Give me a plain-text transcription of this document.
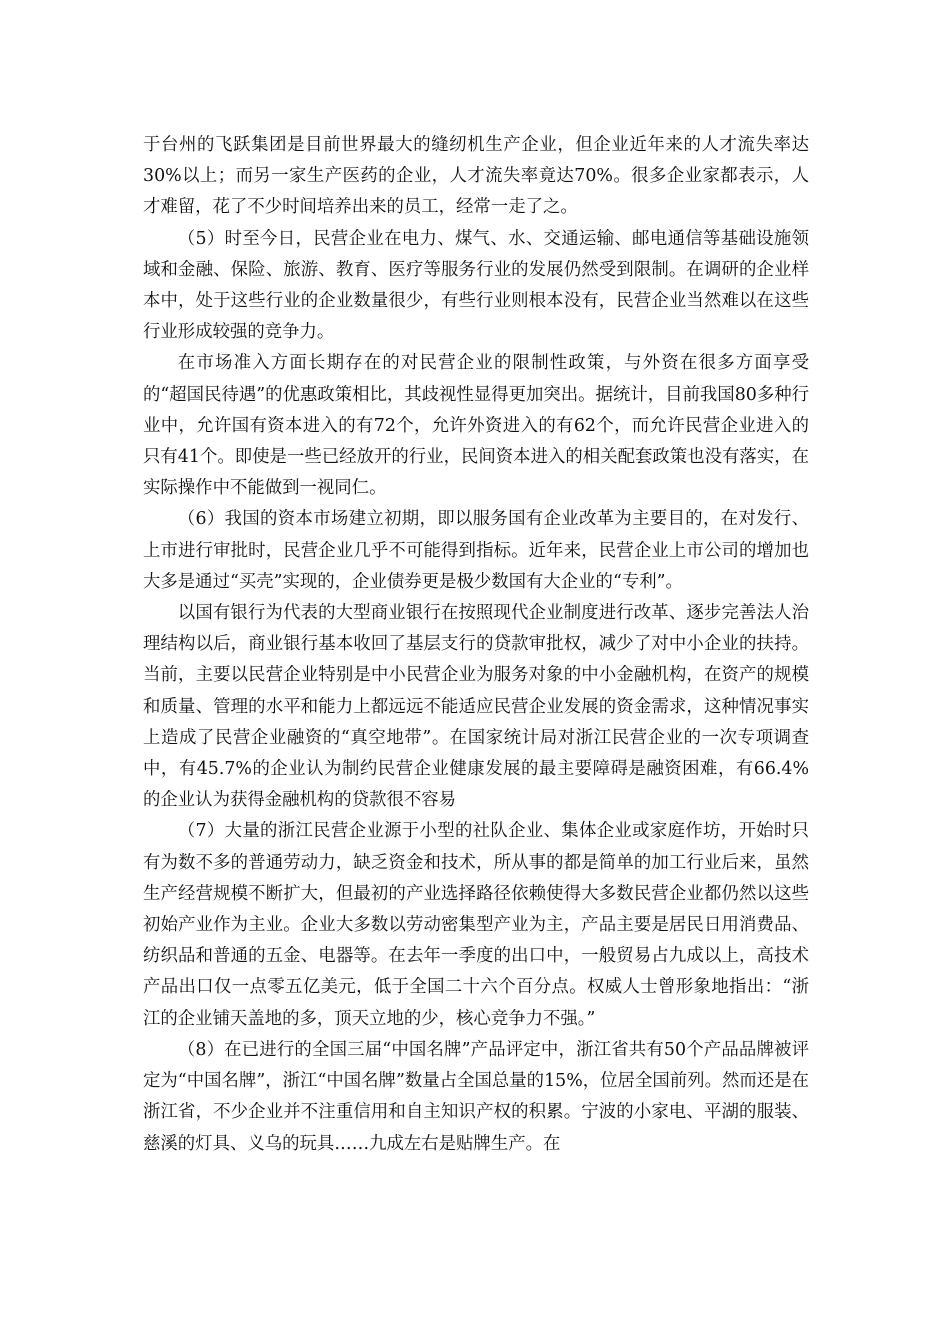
于台州的飞跃集团是目前世界最大的缝纫机生产企业，但企业近年来的人才流失率达30%以上；而另一家生产医药的企业，人才流失率竟达70%。很多企业家都表示，人才难留，花了不少时间培养出来的员工，经常一走了之。

（5）时至今日，民营企业在电力、煤气、水、交通运输、邮电通信等基础设施领域和金融、保险、旅游、教育、医疗等服务行业的发展仍然受到限制。在调研的企业样本中，处于这些行业的企业数量很少，有些行业则根本没有，民营企业当然难以在这些行业形成较强的竞争力。

在市场准入方面长期存在的对民营企业的限制性政策，与外资在很多方面享受的“超国民待遇”的优惠政策相比，其歧视性显得更加突出。据统计，目前我国80多种行业中，允许国有资本进入的有72个，允许外资进入的有62个，而允许民营企业进入的只有41个。即使是一些已经放开的行业，民间资本进入的相关配套政策也没有落实，在实际操作中不能做到一视同仁。

（6）我国的资本市场建立初期，即以服务国有企业改革为主要目的，在对发行、上市进行审批时，民营企业几乎不可能得到指标。近年来，民营企业上市公司的增加也大多是通过“买壳”实现的，企业债券更是极少数国有大企业的“专利”。

以国有银行为代表的大型商业银行在按照现代企业制度进行改革、逐步完善法人治理结构以后，商业银行基本收回了基层支行的贷款审批权，减少了对中小企业的扶持。当前，主要以民营企业特别是中小民营企业为服务对象的中小金融机构，在资产的规模和质量、管理的水平和能力上都远远不能适应民营企业发展的资金需求，这种情况事实上造成了民营企业融资的“真空地带”。在国家统计局对浙江民营企业的一次专项调查中，有45.7%的企业认为制约民营企业健康发展的最主要障碍是融资困难，有66.4%的企业认为获得金融机构的贷款很不容易

（7）大量的浙江民营企业源于小型的社队企业、集体企业或家庭作坊，开始时只有为数不多的普通劳动力，缺乏资金和技术，所从事的都是简单的加工行业后来，虽然生产经营规模不断扩大，但最初的产业选择路径依赖使得大多数民营企业都仍然以这些初始产业作为主业。企业大多数以劳动密集型产业为主，产品主要是居民日用消费品、纺织品和普通的五金、电器等。在去年一季度的出口中，一般贸易占九成以上，高技术产品出口仅一点零五亿美元，低于全国二十六个百分点。权威人士曾形象地指出：“浙江的企业铺天盖地的多，顶天立地的少，核心竞争力不强。”

（8）在已进行的全国三届“中国名牌”产品评定中，浙江省共有50个产品品牌被评定为“中国名牌”，浙江“中国名牌”数量占全国总量的15%，位居全国前列。然而还是在浙江省，不少企业并不注重信用和自主知识产权的积累。宁波的小家电、平湖的服装、慈溪的灯具、义乌的玩具……九成左右是贴牌生产。在
